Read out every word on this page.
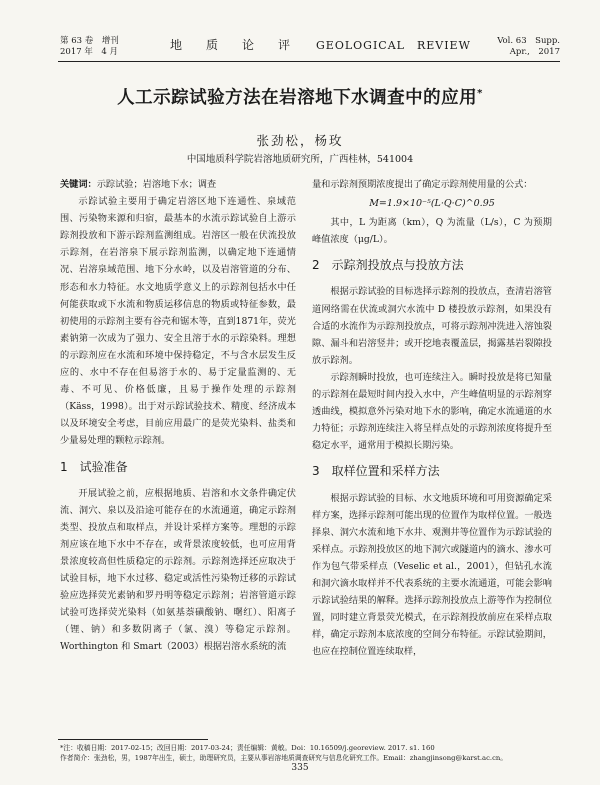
第 63 卷　增刊
2017 年　4 月	地　质　论　评 GEOLOGICAL　REVIEW	Vol. 63　Supp.
Apr.,　2017
人工示踪试验方法在岩溶地下水调查中的应用*
张劲松，杨玫
中国地质科学院岩溶地质研究所，广西桂林，541004

关键词：示踪试验；岩溶地下水；调查

示踪试验主要用于确定岩溶区地下连通性、泉域范围、污染物来源和归宿，最基本的水流示踪试验自上游示踪剂投放和下游示踪剂监测组成。岩溶区一般在伏流投放示踪剂，在岩溶泉下展示踪剂监测，以确定地下连通情况、岩溶泉域范围、地下分水岭，以及岩溶管道的分布、形态和水力特征。水文地质学意义上的示踪剂包括水中任何能获取或下水流和物质运移信息的物质或特征参数，最初使用的示踪剂主要有谷壳和锯木等，直到1871年，荧光素钠第一次成为了强力、安全且溶于水的示踪染料。理想的示踪剂应在水流和环境中保持稳定，不与含水层发生反应的、水中不存在但易溶于水的、易于定量监测的、无毒、不可见、价格低廉，且易于操作处理的示踪剂（Käss，1998）。出于对示踪试验技术、精度、经济成本以及环境安全考虑，目前应用最广的是荧光染料、盐类和少量易处理的颗粒示踪剂。

1　试验准备

开展试验之前，应根据地质、岩溶和水文条件确定伏流、洞穴、泉以及沿途可能存在的水流通道，确定示踪剂类型、投放点和取样点，并设计采样方案等。理想的示踪剂应该在地下水中不存在，或背景浓度较低，也可应用背景浓度较高但性质稳定的示踪剂。示踪剂选择还应取决于试验目标，地下水过移、稳定或活性污染物迁移的示踪试验应选择荧光素钠和罗丹明等稳定示踪剂；岩溶管道示踪试验可选择荧光染料（如氨基萘磺酸钠、曙红）、阳离子（锂、钠）和多数阴离子（氯、溴）等稳定示踪剂。Worthington 和 Smart（2003）根据岩溶水系统的流

量和示踪剂预期浓度提出了确定示踪剂使用量的公式：

M=1.9×10⁻⁵(L·Q·C)^0.95

其中，L 为距离（km），Q 为流量（L/s），C 为预期峰值浓度（μg/L）。

2　示踪剂投放点与投放方法

根据示踪试验的目标选择示踪剂的投放点，查清岩溶管道网络需在伏流或洞穴水流中 D 楼投放示踪剂，如果没有合适的水流作为示踪剂投放点，可将示踪剂冲洗进入溶蚀裂隙、漏斗和岩溶竖井；或开挖地表覆盖层，揭露基岩裂隙投放示踪剂。

示踪剂瞬时投放，也可连续注入。瞬时投放是将已知量的示踪剂在最短时间内投入水中，产生峰值明显的示踪剂穿透曲线，模拟意外污染对地下水的影响，确定水流通道的水力特征；示踪剂连续注入将呈样点处的示踪剂浓度将提升至稳定水平，通常用于模拟长期污染。

3　取样位置和采样方法

根据示踪试验的目标、水文地质环境和可用资源确定采样方案，选择示踪剂可能出现的位置作为取样位置。一般选择泉、洞穴水流和地下水井、观测井等位置作为示踪试验的采样点。示踪剂投放区的地下洞穴或隧道内的滴水、渗水可作为包气带采样点（Veselic et al.，2001），但钻孔水流和洞穴滴水取样并不代表系统的主要水流通道，可能会影响示踪试验结果的解释。选择示踪剂投放点上游等作为控制位置，同时建立背景荧光模式，在示踪剂投放前应在采样点取样，确定示踪剂本底浓度的空间分布特征。示踪试验期间，也应在控制位置连续取样，

*注：收稿日期：2017-02-15；改回日期：2017-03-24；责任编辑：黄敏。Doi：10.16509/j.georeview. 2017. s1. 160
作者简介：张劲松，男，1987年出生，硕士，助理研究员，主要从事岩溶地质调查研究与信息化研究工作。Email：zhangjinsong@karst.ac.cn。
335
